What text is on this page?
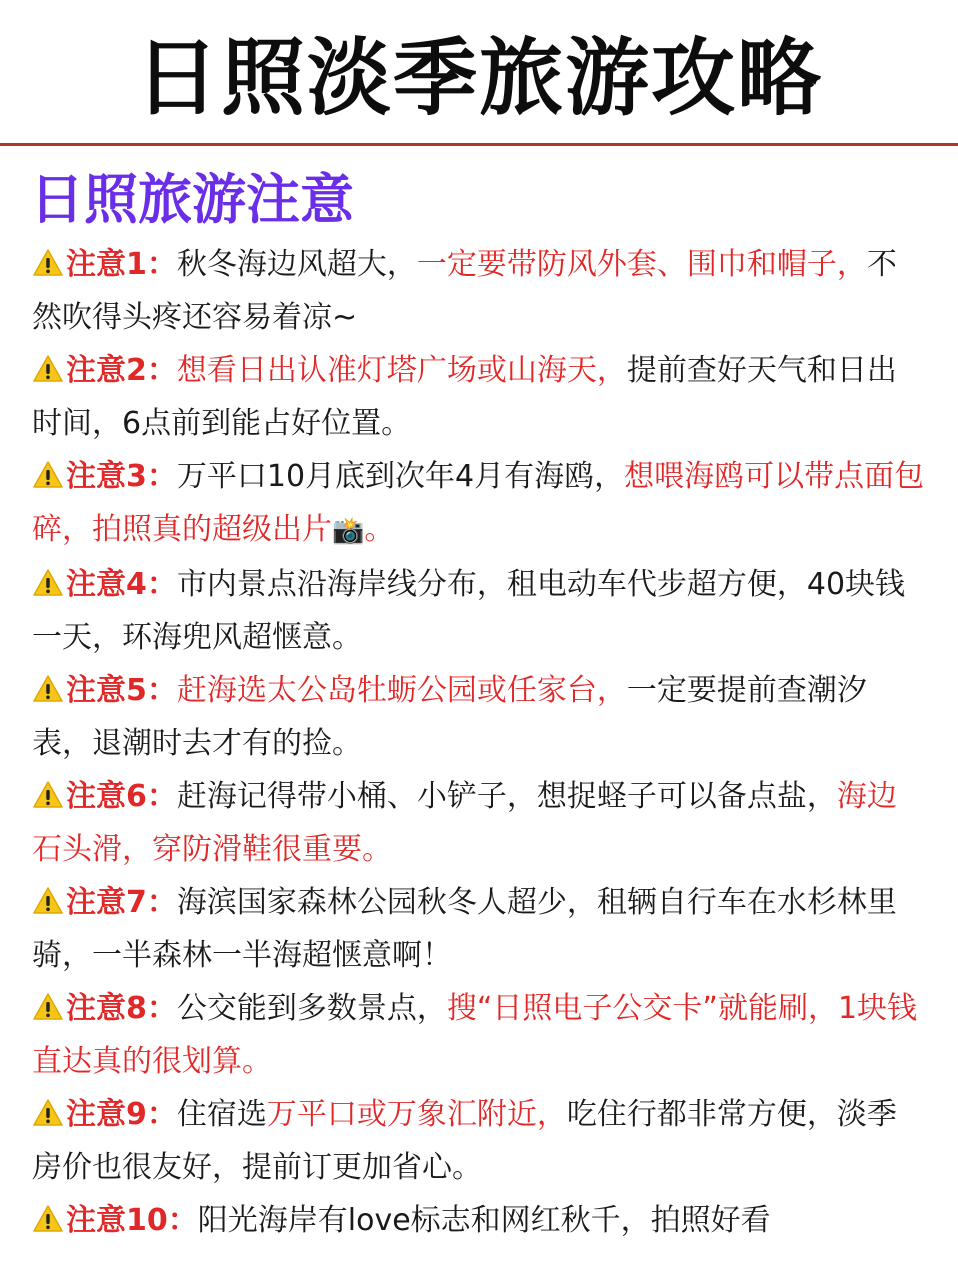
日照淡季旅游攻略
日照旅游注意

注意1：秋冬海边风超大，一定要带防风外套、围巾和帽子，不然吹得头疼还容易着凉~

注意2：想看日出认准灯塔广场或山海天，提前查好天气和日出时间，6点前到能占好位置。

注意3：万平口10月底到次年4月有海鸥，想喂海鸥可以带点面包碎，拍照真的超级出片📸。

注意4：市内景点沿海岸线分布，租电动车代步超方便，40块钱一天，环海兜风超惬意。

注意5：赶海选太公岛牡蛎公园或任家台，一定要提前查潮汐表，退潮时去才有的捡。

注意6：赶海记得带小桶、小铲子，想捉蛏子可以备点盐，海边石头滑，穿防滑鞋很重要。

注意7：海滨国家森林公园秋冬人超少，租辆自行车在水杉林里骑，一半森林一半海超惬意啊！

注意8：公交能到多数景点，搜“日照电子公交卡”就能刷，1块钱直达真的很划算。

注意9：住宿选万平口或万象汇附近，吃住行都非常方便，淡季房价也很友好，提前订更加省心。

注意10：阳光海岸有love标志和网红秋千，拍照好看
